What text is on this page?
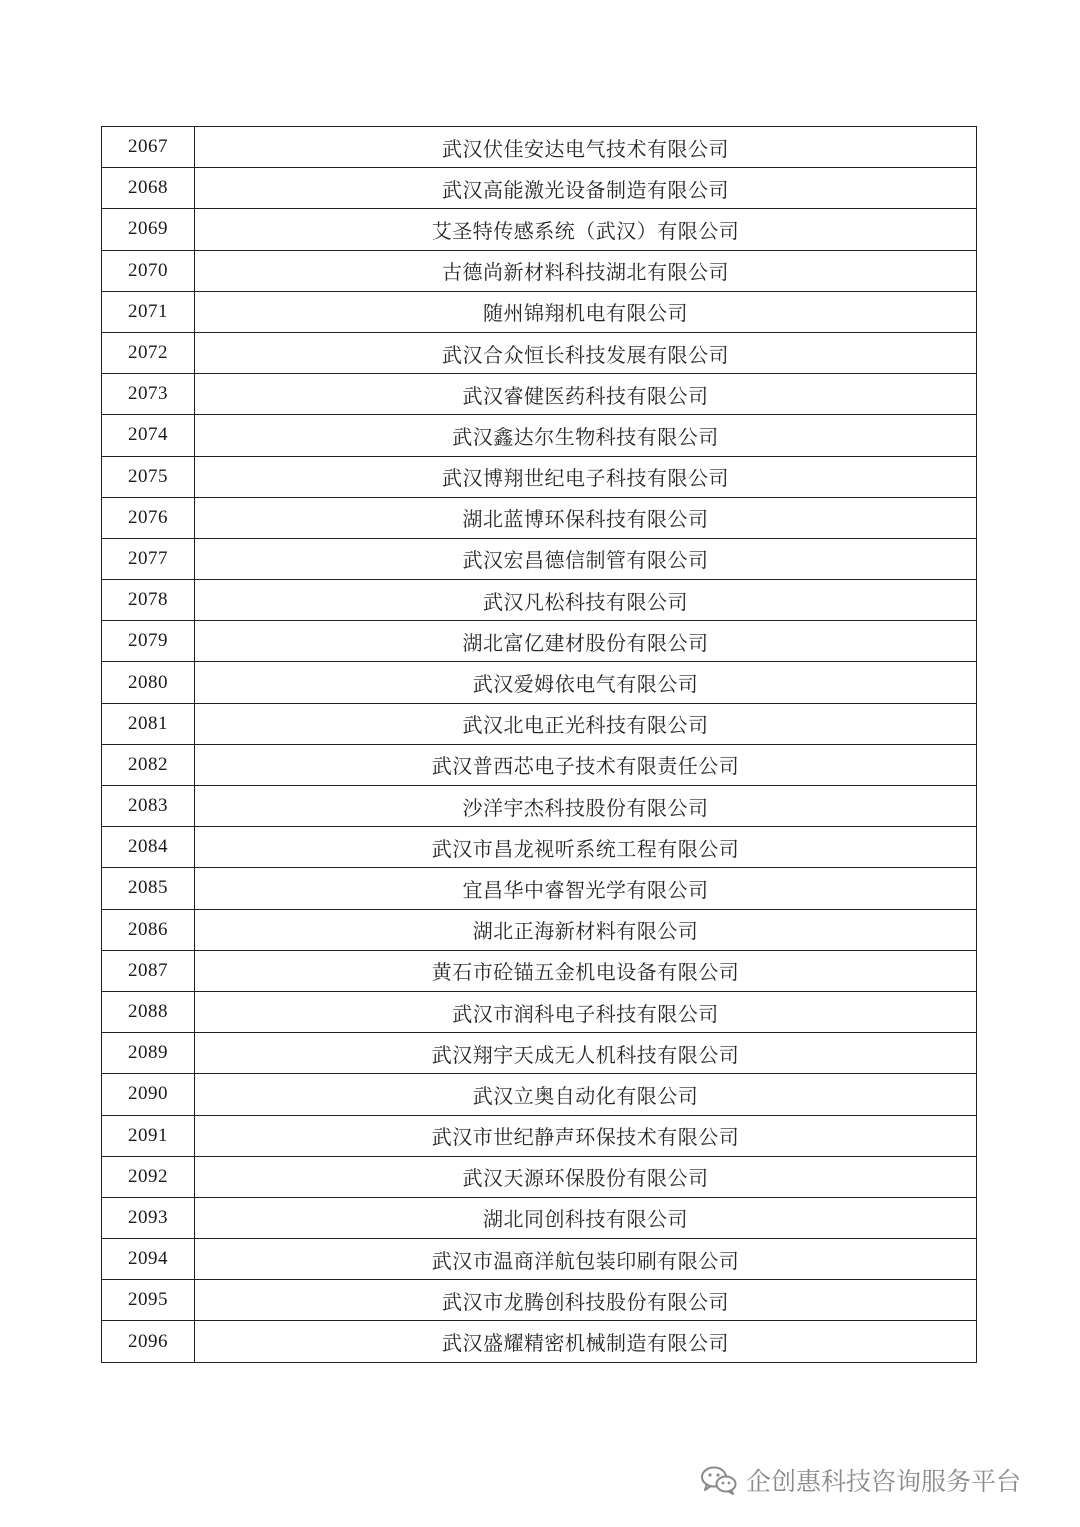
2067	武汉伏佳安达电气技术有限公司
2068	武汉高能激光设备制造有限公司
2069	艾圣特传感系统（武汉）有限公司
2070	古德尚新材料科技湖北有限公司
2071	随州锦翔机电有限公司
2072	武汉合众恒长科技发展有限公司
2073	武汉睿健医药科技有限公司
2074	武汉鑫达尔生物科技有限公司
2075	武汉博翔世纪电子科技有限公司
2076	湖北蓝博环保科技有限公司
2077	武汉宏昌德信制管有限公司
2078	武汉凡松科技有限公司
2079	湖北富亿建材股份有限公司
2080	武汉爱姆依电气有限公司
2081	武汉北电正光科技有限公司
2082	武汉普西芯电子技术有限责任公司
2083	沙洋宇杰科技股份有限公司
2084	武汉市昌龙视听系统工程有限公司
2085	宜昌华中睿智光学有限公司
2086	湖北正海新材料有限公司
2087	黄石市砼锚五金机电设备有限公司
2088	武汉市润科电子科技有限公司
2089	武汉翔宇天成无人机科技有限公司
2090	武汉立奥自动化有限公司
2091	武汉市世纪静声环保技术有限公司
2092	武汉天源环保股份有限公司
2093	湖北同创科技有限公司
2094	武汉市温商洋航包装印刷有限公司
2095	武汉市龙腾创科技股份有限公司
2096	武汉盛耀精密机械制造有限公司
企创惠科技咨询服务平台
